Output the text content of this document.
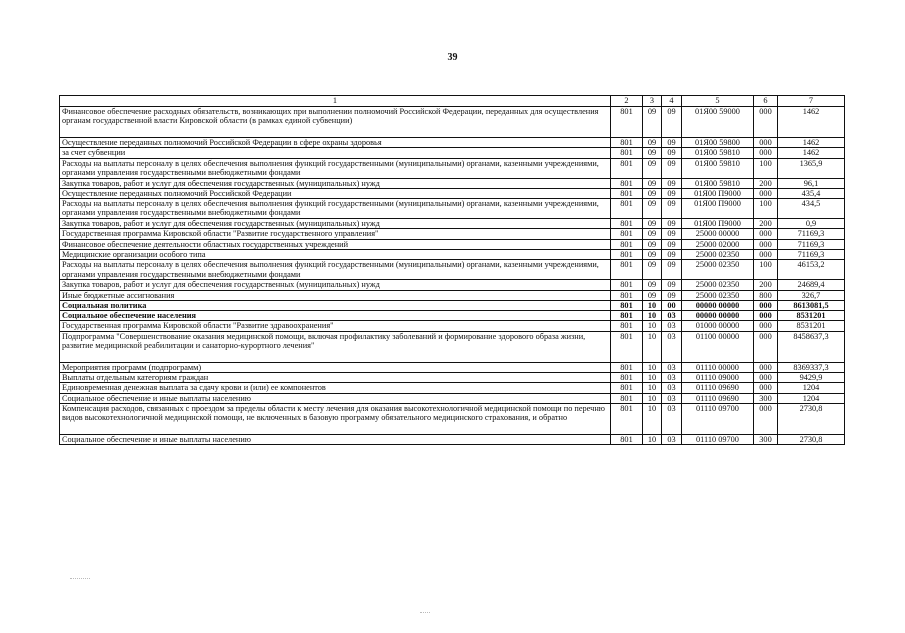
39
1	2	3	4	5	6	7
Финансовое обеспечение расходных обязательств, возникающих при выполнении полномочий Российской Федерации, переданных для осуществления органам государственной власти Кировской области (в рамках единой субвенции)	801	09	09	01Я00 59000	000	1462
Осуществление переданных полномочий Российской Федерации в сфере охраны здоровья	801	09	09	01Я00 59800	000	1462
за счет субвенции	801	09	09	01Я00 59810	000	1462
Расходы на выплаты персоналу в целях обеспечения выполнения функций государственными (муниципальными) органами, казенными учреждениями, органами управления государственными внебюджетными фондами	801	09	09	01Я00 59810	100	1365,9
Закупка товаров, работ и услуг для обеспечения государственных (муниципальных) нужд	801	09	09	01Я00 59810	200	96,1
Осуществление переданных полномочий Российской Федерации	801	09	09	01Я00 П9000	000	435,4
Расходы на выплаты персоналу в целях обеспечения выполнения функций государственными (муниципальными) органами, казенными учреждениями, органами управления государственными внебюджетными фондами	801	09	09	01Я00 П9000	100	434,5
Закупка товаров, работ и услуг для обеспечения государственных (муниципальных) нужд	801	09	09	01Я00 П9000	200	0,9
Государственная программа Кировской области "Развитие государственного управления"	801	09	09	25000 00000	000	71169,3
Финансовое обеспечение деятельности областных государственных учреждений	801	09	09	25000 02000	000	71169,3
Медицинские организации особого типа	801	09	09	25000 02350	000	71169,3
Расходы на выплаты персоналу в целях обеспечения выполнения функций государственными (муниципальными) органами, казенными учреждениями, органами управления государственными внебюджетными фондами	801	09	09	25000 02350	100	46153,2
Закупка товаров, работ и услуг для обеспечения государственных (муниципальных) нужд	801	09	09	25000 02350	200	24689,4
Иные бюджетные ассигнования	801	09	09	25000 02350	800	326,7
Социальная политика	801	10	00	00000 00000	000	8613081,5
Социальное обеспечение населения	801	10	03	00000 00000	000	8531201
Государственная программа Кировской области "Развитие здравоохранения"	801	10	03	01000 00000	000	8531201
Подпрограмма "Совершенствование оказания медицинской помощи, включая профилактику заболеваний и формирование здорового образа жизни, развитие медицинской реабилитации и санаторно-курортного лечения"	801	10	03	01100 00000	000	8458637,3
Мероприятия программ (подпрограмм)	801	10	03	01110 00000	000	8369337,3
Выплаты отдельным категориям граждан	801	10	03	01110 09000	000	9429,9
Единовременная денежная выплата за сдачу крови и (или) ее компонентов	801	10	03	01110 09690	000	1204
Социальное обеспечение и иные выплаты населению	801	10	03	01110 09690	300	1204
Компенсация расходов, связанных с проездом за пределы области к месту лечения для оказания высокотехнологичной медицинской помощи по перечню видов высокотехнологичной медицинской помощи, не включенных в базовую программу обязательного медицинского страхования, и обратно	801	10	03	01110 09700	000	2730,8
Социальное обеспечение и иные выплаты населению	801	10	03	01110 09700	300	2730,8
